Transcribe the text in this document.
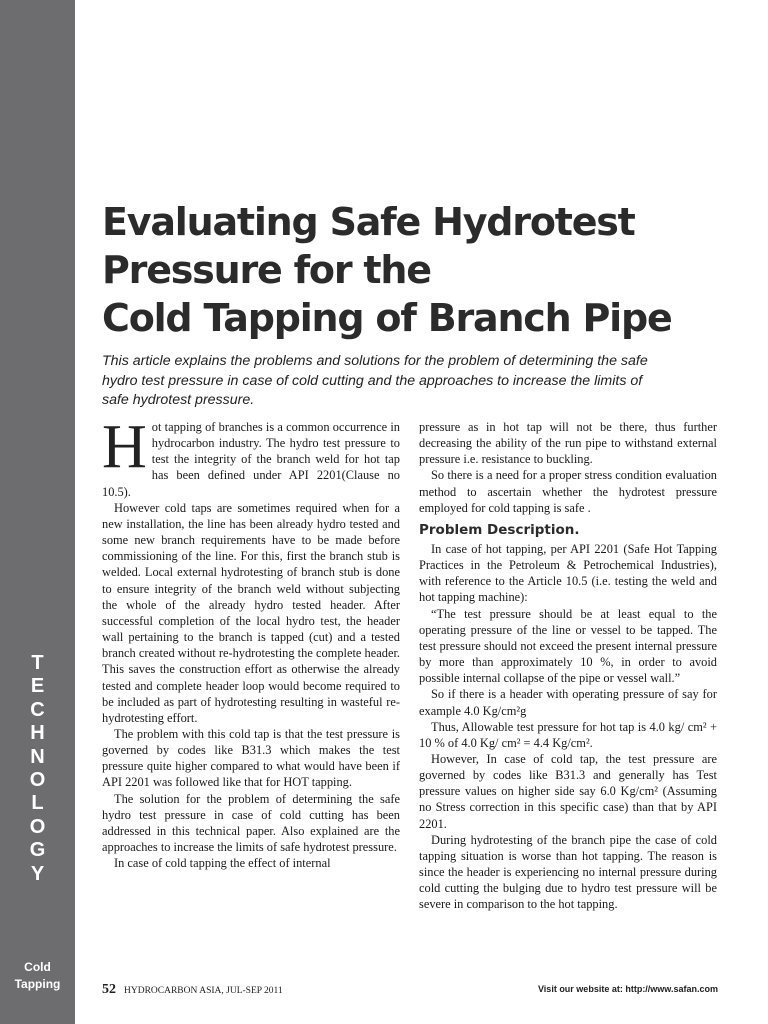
T
E
C
H
N
O
L
O
G
Y
Cold
Tapping
Evaluating Safe Hydrotest
Pressure for the
Cold Tapping of Branch Pipe

This article explains the problems and solutions for the problem of determining the safe hydro test pressure in case of cold cutting and the approaches to increase the limits of safe hydrotest pressure.

Hot tapping of branches is a common occurrence in hydrocarbon industry. The hydro test pressure to test the integrity of the branch weld for hot tap has been defined under API 2201(Clause no 10.5).

However cold taps are sometimes required when for a new installation, the line has been already hydro tested and some new branch requirements have to be made before commissioning of the line. For this, first the branch stub is welded. Local external hydrotesting of branch stub is done to ensure integrity of the branch weld without subjecting the whole of the already hydro tested header. After successful completion of the local hydro test, the header wall pertaining to the branch is tapped (cut) and a tested branch created without re-hydrotesting the complete header. This saves the construction effort as otherwise the already tested and complete header loop would become required to be included as part of hydrotesting resulting in wasteful re-hydrotesting effort.

The problem with this cold tap is that the test pressure is governed by codes like B31.3 which makes the test pressure quite higher compared to what would have been if API 2201 was followed like that for HOT tapping.

The solution for the problem of determining the safe hydro test pressure in case of cold cutting has been addressed in this technical paper. Also explained are the approaches to increase the limits of safe hydrotest pressure.

In case of cold tapping the effect of internal

pressure as in hot tap will not be there, thus further decreasing the ability of the run pipe to withstand external pressure i.e. resistance to buckling.

So there is a need for a proper stress condition evaluation method to ascertain whether the hydrotest pressure employed for cold tapping is safe .

Problem Description.

In case of hot tapping, per API 2201 (Safe Hot Tapping Practices in the Petroleum & Petrochemical Industries), with reference to the Article 10.5 (i.e. testing the weld and hot tapping machine):

“The test pressure should be at least equal to the operating pressure of the line or vessel to be tapped. The test pressure should not exceed the present internal pressure by more than approximately 10 %, in order to avoid possible internal collapse of the pipe or vessel wall.”

So if there is a header with operating pressure of say for example 4.0 Kg/cm²g

Thus, Allowable test pressure for hot tap is 4.0 kg/ cm² + 10 % of 4.0 Kg/ cm² = 4.4 Kg/cm².

However, In case of cold tap, the test pressure are governed by codes like B31.3 and generally has Test pressure values on higher side say 6.0 Kg/cm² (Assuming no Stress correction in this specific case) than that by API 2201.

During hydrotesting of the branch pipe the case of cold tapping situation is worse than hot tapping. The reason is since the header is experiencing no internal pressure during cold cutting the bulging due to hydro test pressure will be severe in comparison to the hot tapping.

52 HYDROCARBON ASIA, JUL-SEP 2011	Visit our website at: http://www.safan.com
